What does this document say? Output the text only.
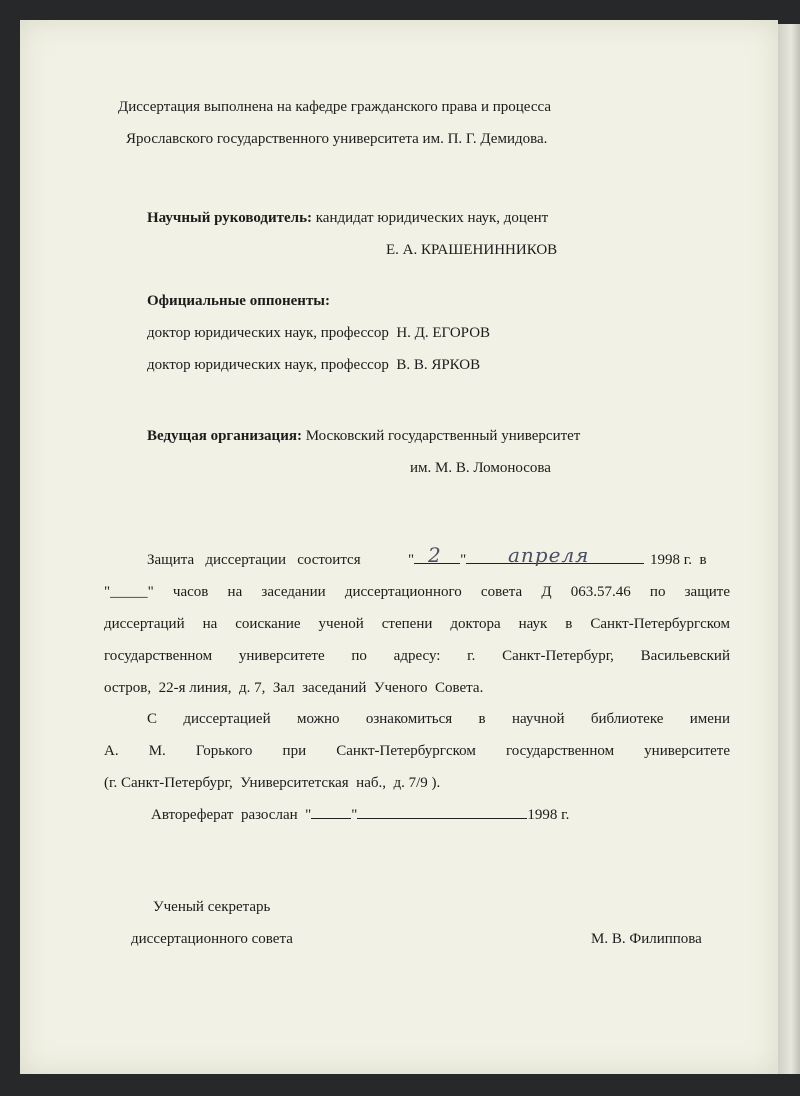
Диссертация выполнена на кафедре гражданского права и процесса
Ярославского государственного университета им. П. Г. Демидова.
Научный руководитель: кандидат юридических наук, доцент
Е. А. КРАШЕНИННИКОВ
Официальные оппоненты:
доктор юридических наук, профессор  Н. Д. ЕГОРОВ
доктор юридических наук, профессор  В. В. ЯРКОВ
Ведущая организация: Московский государственный университет
им. М. В. Ломоносова
Защита   диссертации   состоится	"	"
2	апреля	1998 г.  в
"_____" часов на заседании диссертационного совета Д 063.57.46 по защите
диссертаций на соискание ученой степени доктора наук в Санкт-Петербургском
государственном университете по адресу: г. Санкт-Петербург, Васильевский
остров,  22-я линия,  д. 7,  Зал  заседаний  Ученого  Совета.
С диссертацией можно ознакомиться в научной библиотеке имени
А. М. Горького при Санкт-Петербургском государственном университете
(г. Санкт-Петербург,  Университетская  наб.,  д. 7/9 ).
Автореферат  разослан  "	"	1998 г.
Ученый секретарь
диссертационного совета	М. В. Филиппова
